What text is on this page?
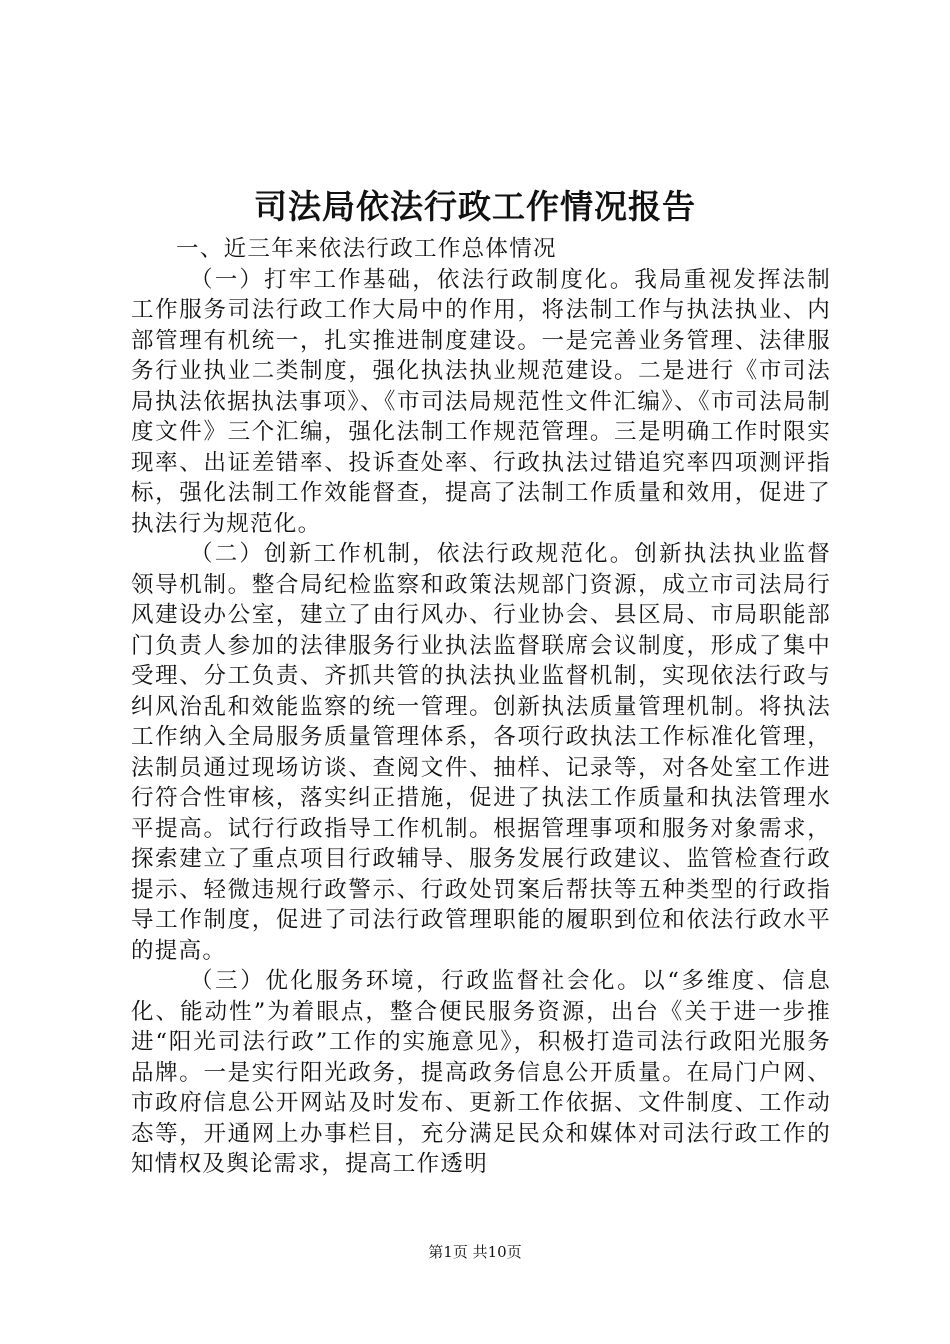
司法局依法行政工作情况报告

一、近三年来依法行政工作总体情况

（一）打牢工作基础，依法行政制度化。我局重视发挥法制工作服务司法行政工作大局中的作用，将法制工作与执法执业、内部管理有机统一，扎实推进制度建设。一是完善业务管理、法律服务行业执业二类制度，强化执法执业规范建设。二是进行《市司法局执法依据执法事项》、《市司法局规范性文件汇编》、《市司法局制度文件》三个汇编，强化法制工作规范管理。三是明确工作时限实现率、出证差错率、投诉查处率、行政执法过错追究率四项测评指标，强化法制工作效能督查，提高了法制工作质量和效用，促进了执法行为规范化。

（二）创新工作机制，依法行政规范化。创新执法执业监督领导机制。整合局纪检监察和政策法规部门资源，成立市司法局行风建设办公室，建立了由行风办、行业协会、县区局、市局职能部门负责人参加的法律服务行业执法监督联席会议制度，形成了集中受理、分工负责、齐抓共管的执法执业监督机制，实现依法行政与纠风治乱和效能监察的统一管理。创新执法质量管理机制。将执法工作纳入全局服务质量管理体系，各项行政执法工作标准化管理，法制员通过现场访谈、查阅文件、抽样、记录等，对各处室工作进行符合性审核，落实纠正措施，促进了执法工作质量和执法管理水平提高。试行行政指导工作机制。根据管理事项和服务对象需求，探索建立了重点项目行政辅导、服务发展行政建议、监管检查行政提示、轻微违规行政警示、行政处罚案后帮扶等五种类型的行政指导工作制度，促进了司法行政管理职能的履职到位和依法行政水平的提高。

（三）优化服务环境，行政监督社会化。以“多维度、信息化、能动性”为着眼点，整合便民服务资源，出台《关于进一步推进“阳光司法行政”工作的实施意见》，积极打造司法行政阳光服务品牌。一是实行阳光政务，提高政务信息公开质量。在局门户网、市政府信息公开网站及时发布、更新工作依据、文件制度、工作动态等，开通网上办事栏目，充分满足民众和媒体对司法行政工作的知情权及舆论需求，提高工作透明

第1页 共10页
